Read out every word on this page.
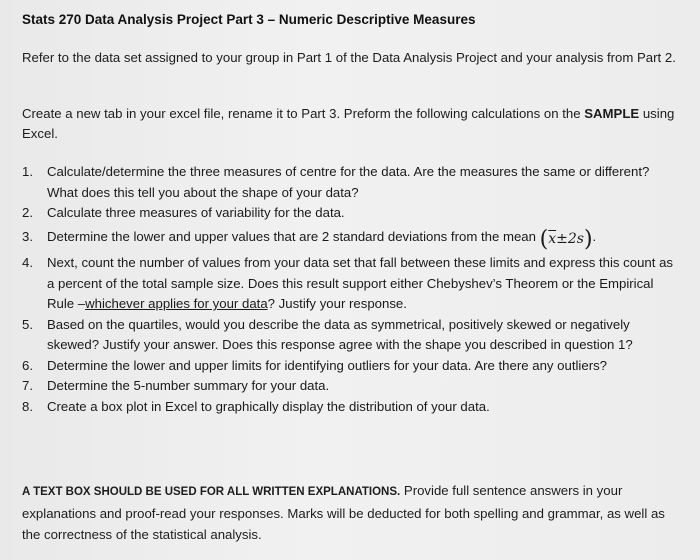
Stats 270 Data Analysis Project Part 3 – Numeric Descriptive Measures
Refer to the data set assigned to your group in Part 1 of the Data Analysis Project and your analysis from Part 2.
Create a new tab in your excel file, rename it to Part 3. Preform the following calculations on the SAMPLE using Excel.
1. Calculate/determine the three measures of centre for the data. Are the measures the same or different? What does this tell you about the shape of your data?
2. Calculate three measures of variability for the data.
3. Determine the lower and upper values that are 2 standard deviations from the mean $(\overline{x}\pm 2s)$.
4. Next, count the number of values from your data set that fall between these limits and express this count as a percent of the total sample size. Does this result support either Chebyshev’s Theorem or the Empirical Rule –whichever applies for your data? Justify your response.
5. Based on the quartiles, would you describe the data as symmetrical, positively skewed or negatively skewed? Justify your answer. Does this response agree with the shape you described in question 1?
6. Determine the lower and upper limits for identifying outliers for your data. Are there any outliers?
7. Determine the 5-number summary for your data.
8. Create a box plot in Excel to graphically display the distribution of your data.
A TEXT BOX SHOULD BE USED FOR ALL WRITTEN EXPLANATIONS. Provide full sentence answers in your explanations and proof-read your responses. Marks will be deducted for both spelling and grammar, as well as the correctness of the statistical analysis.
